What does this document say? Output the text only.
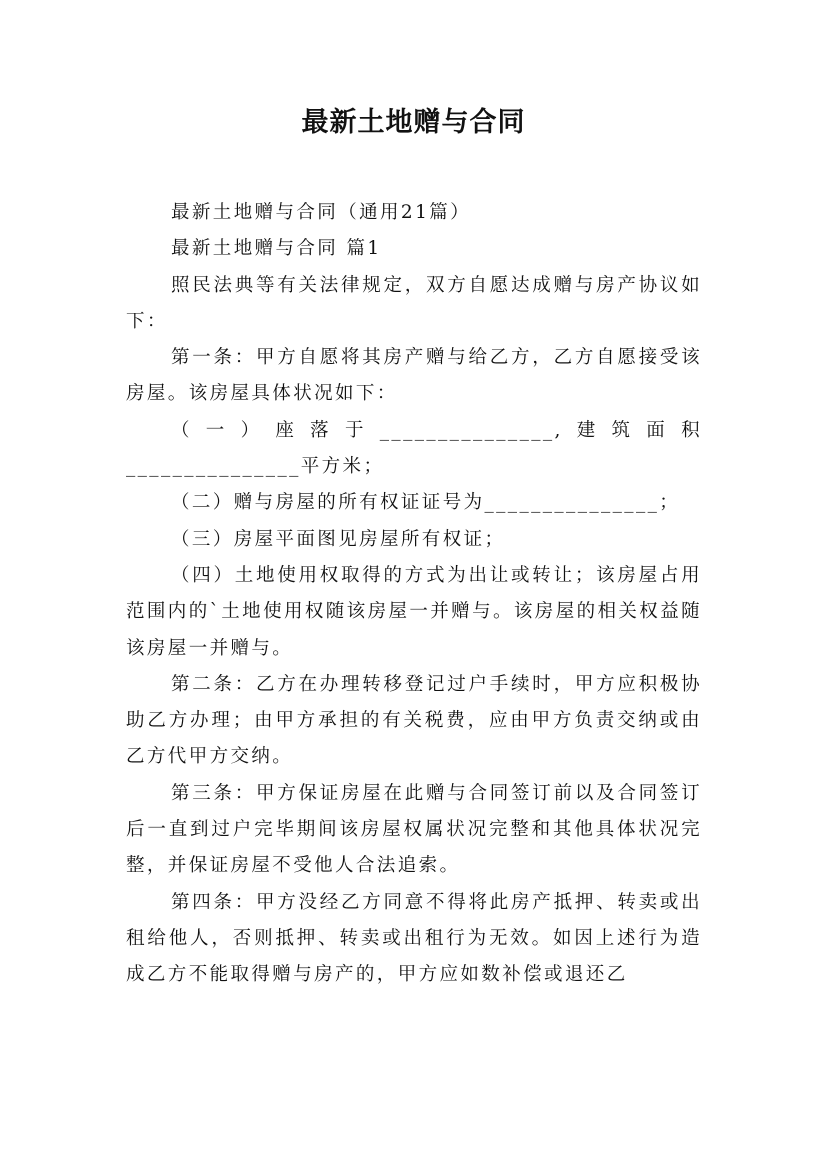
最新土地赠与合同

最新土地赠与合同（通用21篇）

最新土地赠与合同 篇1

照民法典等有关法律规定，双方自愿达成赠与房产协议如下：

第一条：甲方自愿将其房产赠与给乙方，乙方自愿接受该房屋。该房屋具体状况如下：

（一）座落于_______________,建筑面积_______________平方米；

（二）赠与房屋的所有权证证号为_______________；

（三）房屋平面图见房屋所有权证；

（四）土地使用权取得的方式为出让或转让；该房屋占用范围内的`土地使用权随该房屋一并赠与。该房屋的相关权益随该房屋一并赠与。

第二条：乙方在办理转移登记过户手续时，甲方应积极协助乙方办理；由甲方承担的有关税费，应由甲方负责交纳或由乙方代甲方交纳。

第三条：甲方保证房屋在此赠与合同签订前以及合同签订后一直到过户完毕期间该房屋权属状况完整和其他具体状况完整，并保证房屋不受他人合法追索。

第四条：甲方没经乙方同意不得将此房产抵押、转卖或出租给他人，否则抵押、转卖或出租行为无效。如因上述行为造成乙方不能取得赠与房产的，甲方应如数补偿或退还乙
